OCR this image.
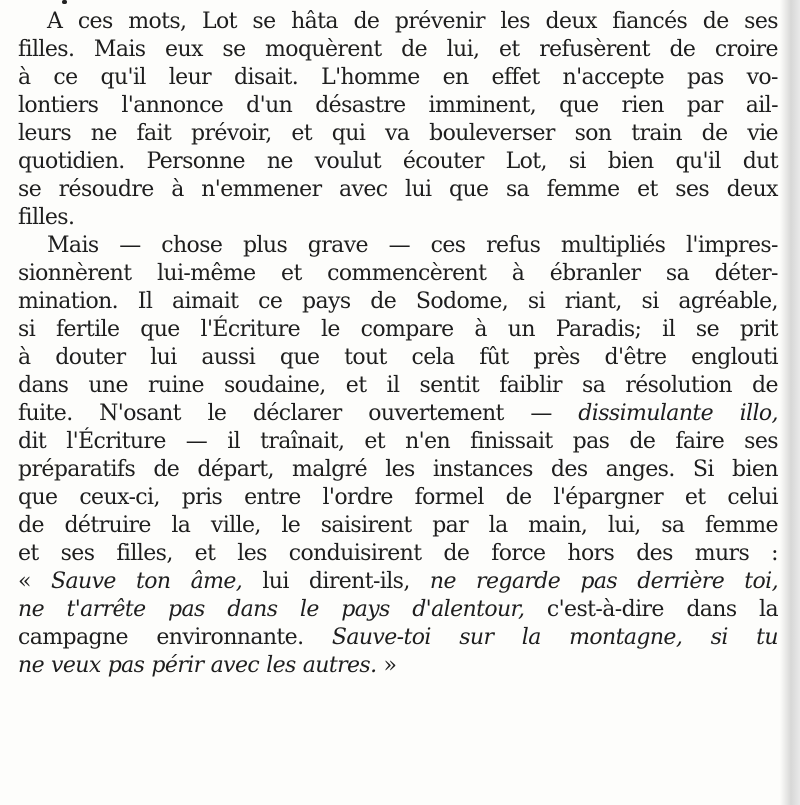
A ces mots, Lot se hâta de prévenir les deux fiancés de ses
filles. Mais eux se moquèrent de lui, et refusèrent de croire
à ce qu'il leur disait. L'homme en effet n'accepte pas vo-
lontiers l'annonce d'un désastre imminent, que rien par ail-
leurs ne fait prévoir, et qui va bouleverser son train de vie
quotidien. Personne ne voulut écouter Lot, si bien qu'il dut
se résoudre à n'emmener avec lui que sa femme et ses deux
filles.
Mais — chose plus grave — ces refus multipliés l'impres-
sionnèrent lui-même et commencèrent à ébranler sa déter-
mination. Il aimait ce pays de Sodome, si riant, si agréable,
si fertile que l'Écriture le compare à un Paradis; il se prit
à douter lui aussi que tout cela fût près d'être englouti
dans une ruine soudaine, et il sentit faiblir sa résolution de
fuite. N'osant le déclarer ouvertement — dissimulante illo,
dit l'Écriture — il traînait, et n'en finissait pas de faire ses
préparatifs de départ, malgré les instances des anges. Si bien
que ceux-ci, pris entre l'ordre formel de l'épargner et celui
de détruire la ville, le saisirent par la main, lui, sa femme
et ses filles, et les conduisirent de force hors des murs :
« Sauve ton âme, lui dirent-ils, ne regarde pas derrière toi,
ne t'arrête pas dans le pays d'alentour, c'est-à-dire dans la
campagne environnante. Sauve-toi sur la montagne, si tu
ne veux pas périr avec les autres. »
